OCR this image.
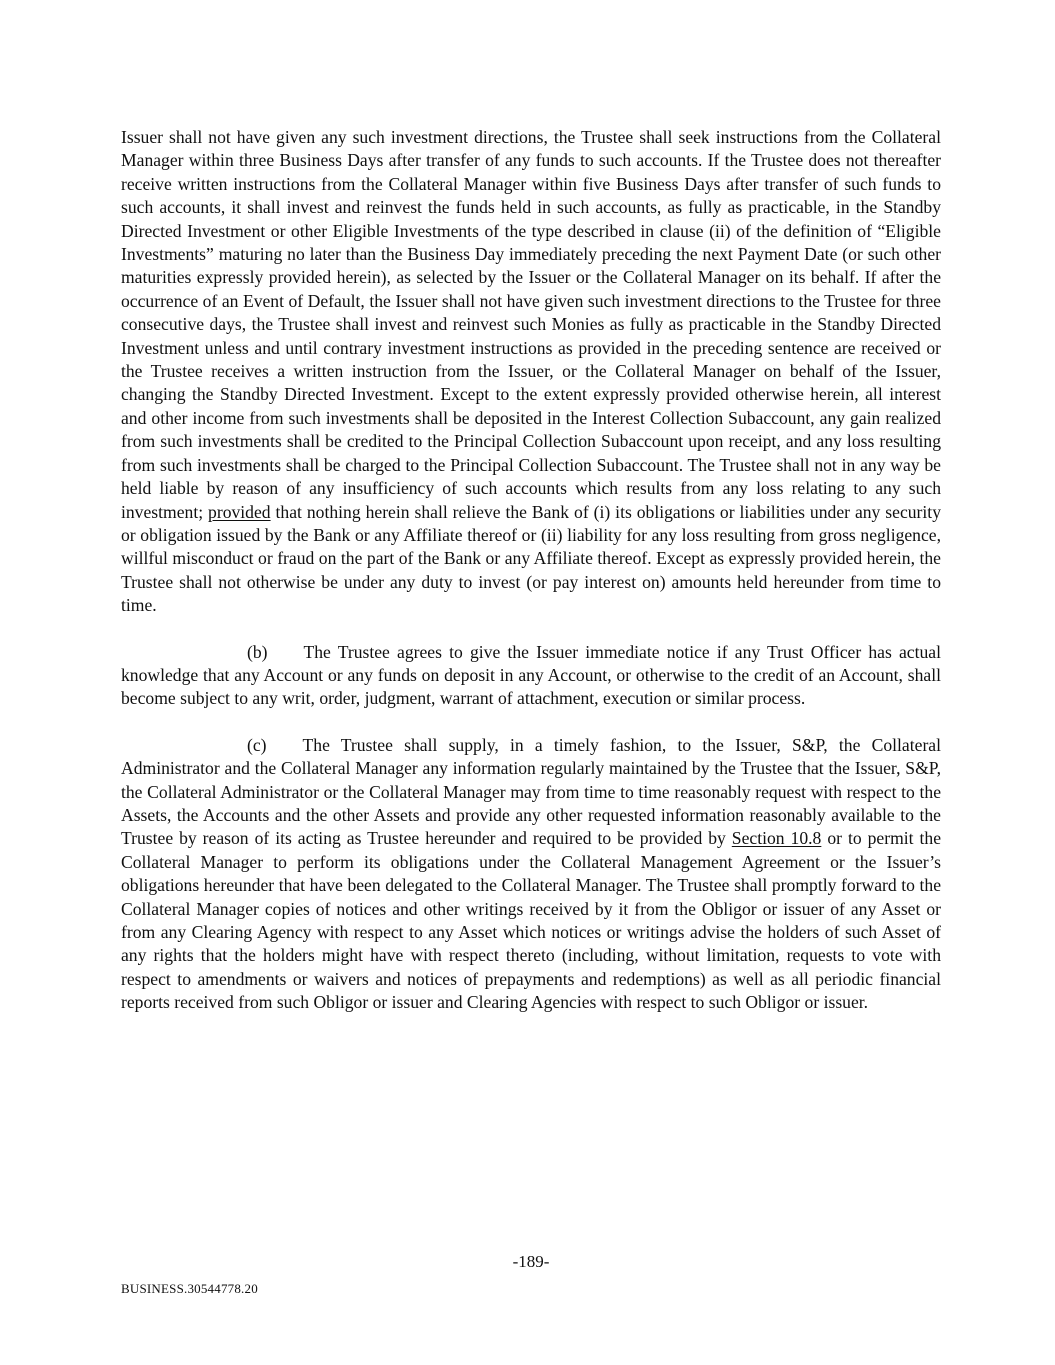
Issuer shall not have given any such investment directions, the Trustee shall seek instructions from the Collateral Manager within three Business Days after transfer of any funds to such accounts. If the Trustee does not thereafter receive written instructions from the Collateral Manager within five Business Days after transfer of such funds to such accounts, it shall invest and reinvest the funds held in such accounts, as fully as practicable, in the Standby Directed Investment or other Eligible Investments of the type described in clause (ii) of the definition of “Eligible Investments” maturing no later than the Business Day immediately preceding the next Payment Date (or such other maturities expressly provided herein), as selected by the Issuer or the Collateral Manager on its behalf. If after the occurrence of an Event of Default, the Issuer shall not have given such investment directions to the Trustee for three consecutive days, the Trustee shall invest and reinvest such Monies as fully as practicable in the Standby Directed Investment unless and until contrary investment instructions as provided in the preceding sentence are received or the Trustee receives a written instruction from the Issuer, or the Collateral Manager on behalf of the Issuer, changing the Standby Directed Investment. Except to the extent expressly provided otherwise herein, all interest and other income from such investments shall be deposited in the Interest Collection Subaccount, any gain realized from such investments shall be credited to the Principal Collection Subaccount upon receipt, and any loss resulting from such investments shall be charged to the Principal Collection Subaccount. The Trustee shall not in any way be held liable by reason of any insufficiency of such accounts which results from any loss relating to any such investment; provided that nothing herein shall relieve the Bank of (i) its obligations or liabilities under any security or obligation issued by the Bank or any Affiliate thereof or (ii) liability for any loss resulting from gross negligence, willful misconduct or fraud on the part of the Bank or any Affiliate thereof. Except as expressly provided herein, the Trustee shall not otherwise be under any duty to invest (or pay interest on) amounts held hereunder from time to time.

(b) The Trustee agrees to give the Issuer immediate notice if any Trust Officer has actual knowledge that any Account or any funds on deposit in any Account, or otherwise to the credit of an Account, shall become subject to any writ, order, judgment, warrant of attachment, execution or similar process.

(c) The Trustee shall supply, in a timely fashion, to the Issuer, S&P, the Collateral Administrator and the Collateral Manager any information regularly maintained by the Trustee that the Issuer, S&P, the Collateral Administrator or the Collateral Manager may from time to time reasonably request with respect to the Assets, the Accounts and the other Assets and provide any other requested information reasonably available to the Trustee by reason of its acting as Trustee hereunder and required to be provided by Section 10.8 or to permit the Collateral Manager to perform its obligations under the Collateral Management Agreement or the Issuer’s obligations hereunder that have been delegated to the Collateral Manager. The Trustee shall promptly forward to the Collateral Manager copies of notices and other writings received by it from the Obligor or issuer of any Asset or from any Clearing Agency with respect to any Asset which notices or writings advise the holders of such Asset of any rights that the holders might have with respect thereto (including, without limitation, requests to vote with respect to amendments or waivers and notices of prepayments and redemptions) as well as all periodic financial reports received from such Obligor or issuer and Clearing Agencies with respect to such Obligor or issuer.

-189-
BUSINESS.30544778.20
